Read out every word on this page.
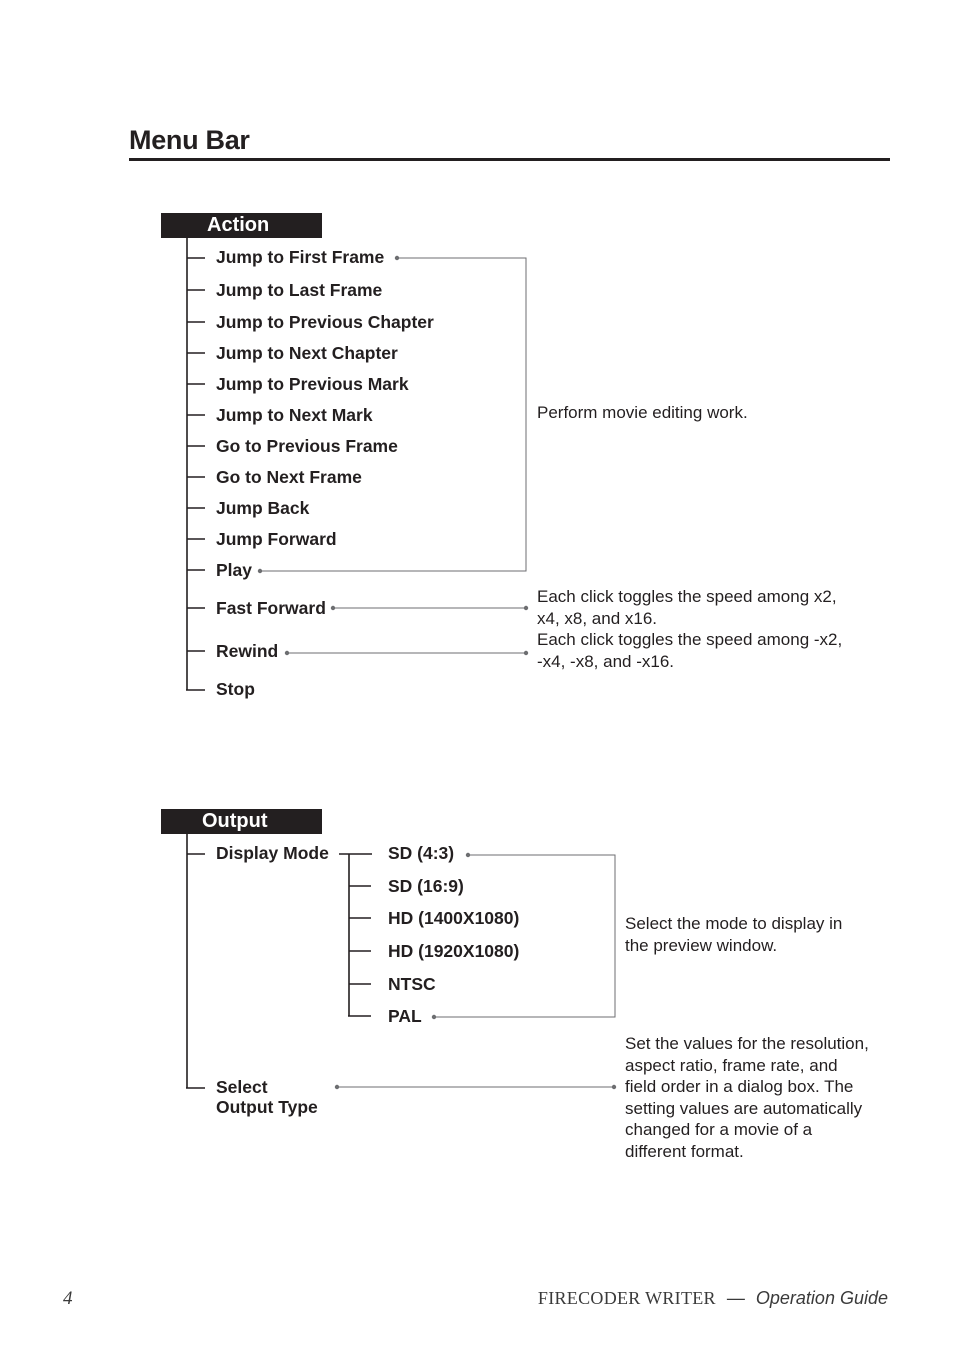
Menu Bar
Action
Jump to First Frame
Jump to Last Frame
Jump to Previous Chapter
Jump to Next Chapter
Jump to Previous Mark
Jump to Next Mark
Go to Previous Frame
Go to Next Frame
Jump Back
Jump Forward
Play
Fast Forward
Rewind
Stop
Perform movie editing work.
Each click toggles the speed among x2,
x4, x8, and x16.
Each click toggles the speed among -x2,
-x4, -x8, and -x16.
Output
Display Mode	SD (4:3)
SD (16:9)
HD (1400X1080)
HD (1920X1080)
NTSC
PAL
Select the mode to display in
the preview window.
Select
Output Type
Set the values for the resolution,
aspect ratio, frame rate, and
field order in a dialog box. The
setting values are automatically
changed for a movie of a
different format.
4	FIRECODER WRITER — Operation Guide
